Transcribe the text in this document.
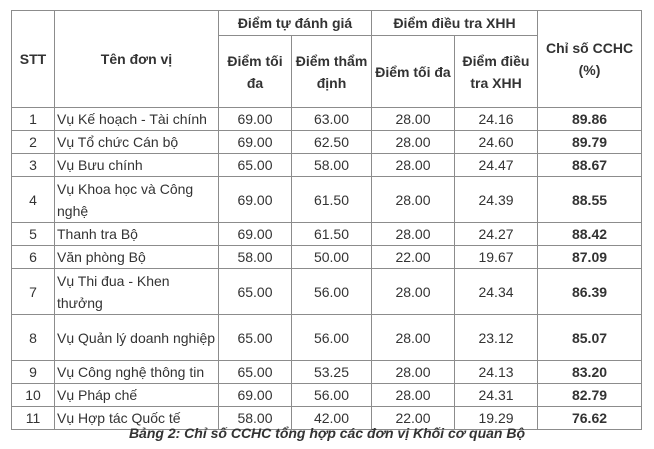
STT	Tên đơn vị	Điểm tự đánh giá		Điểm điều tra XHH		Chỉ số CCHC (%)
		Điểm tối đa	Điểm thẩm định	Điểm tối đa	Điểm điều tra XHH	

1	Vụ Kế hoạch - Tài chính	69.00	63.00	28.00	24.16	89.86
2	Vụ Tổ chức Cán bộ	69.00	62.50	28.00	24.60	89.79
3	Vụ Bưu chính	65.00	58.00	28.00	24.47	88.67
4	Vụ Khoa học và Công nghệ	69.00	61.50	28.00	24.39	88.55
5	Thanh tra Bộ	69.00	61.50	28.00	24.27	88.42
6	Văn phòng Bộ	58.00	50.00	22.00	19.67	87.09
7	Vụ Thi đua - Khen thưởng	65.00	56.00	28.00	24.34	86.39
8	Vụ Quản lý doanh nghiệp	65.00	56.00	28.00	23.12	85.07
9	Vụ Công nghệ thông tin	65.00	53.25	28.00	24.13	83.20
10	Vụ Pháp chế	69.00	56.00	28.00	24.31	82.79
11	Vụ Hợp tác Quốc tế	58.00	42.00	22.00	19.29	76.62
Bảng 2: Chỉ số CCHC tổng hợp các đơn vị Khối cơ quan Bộ
